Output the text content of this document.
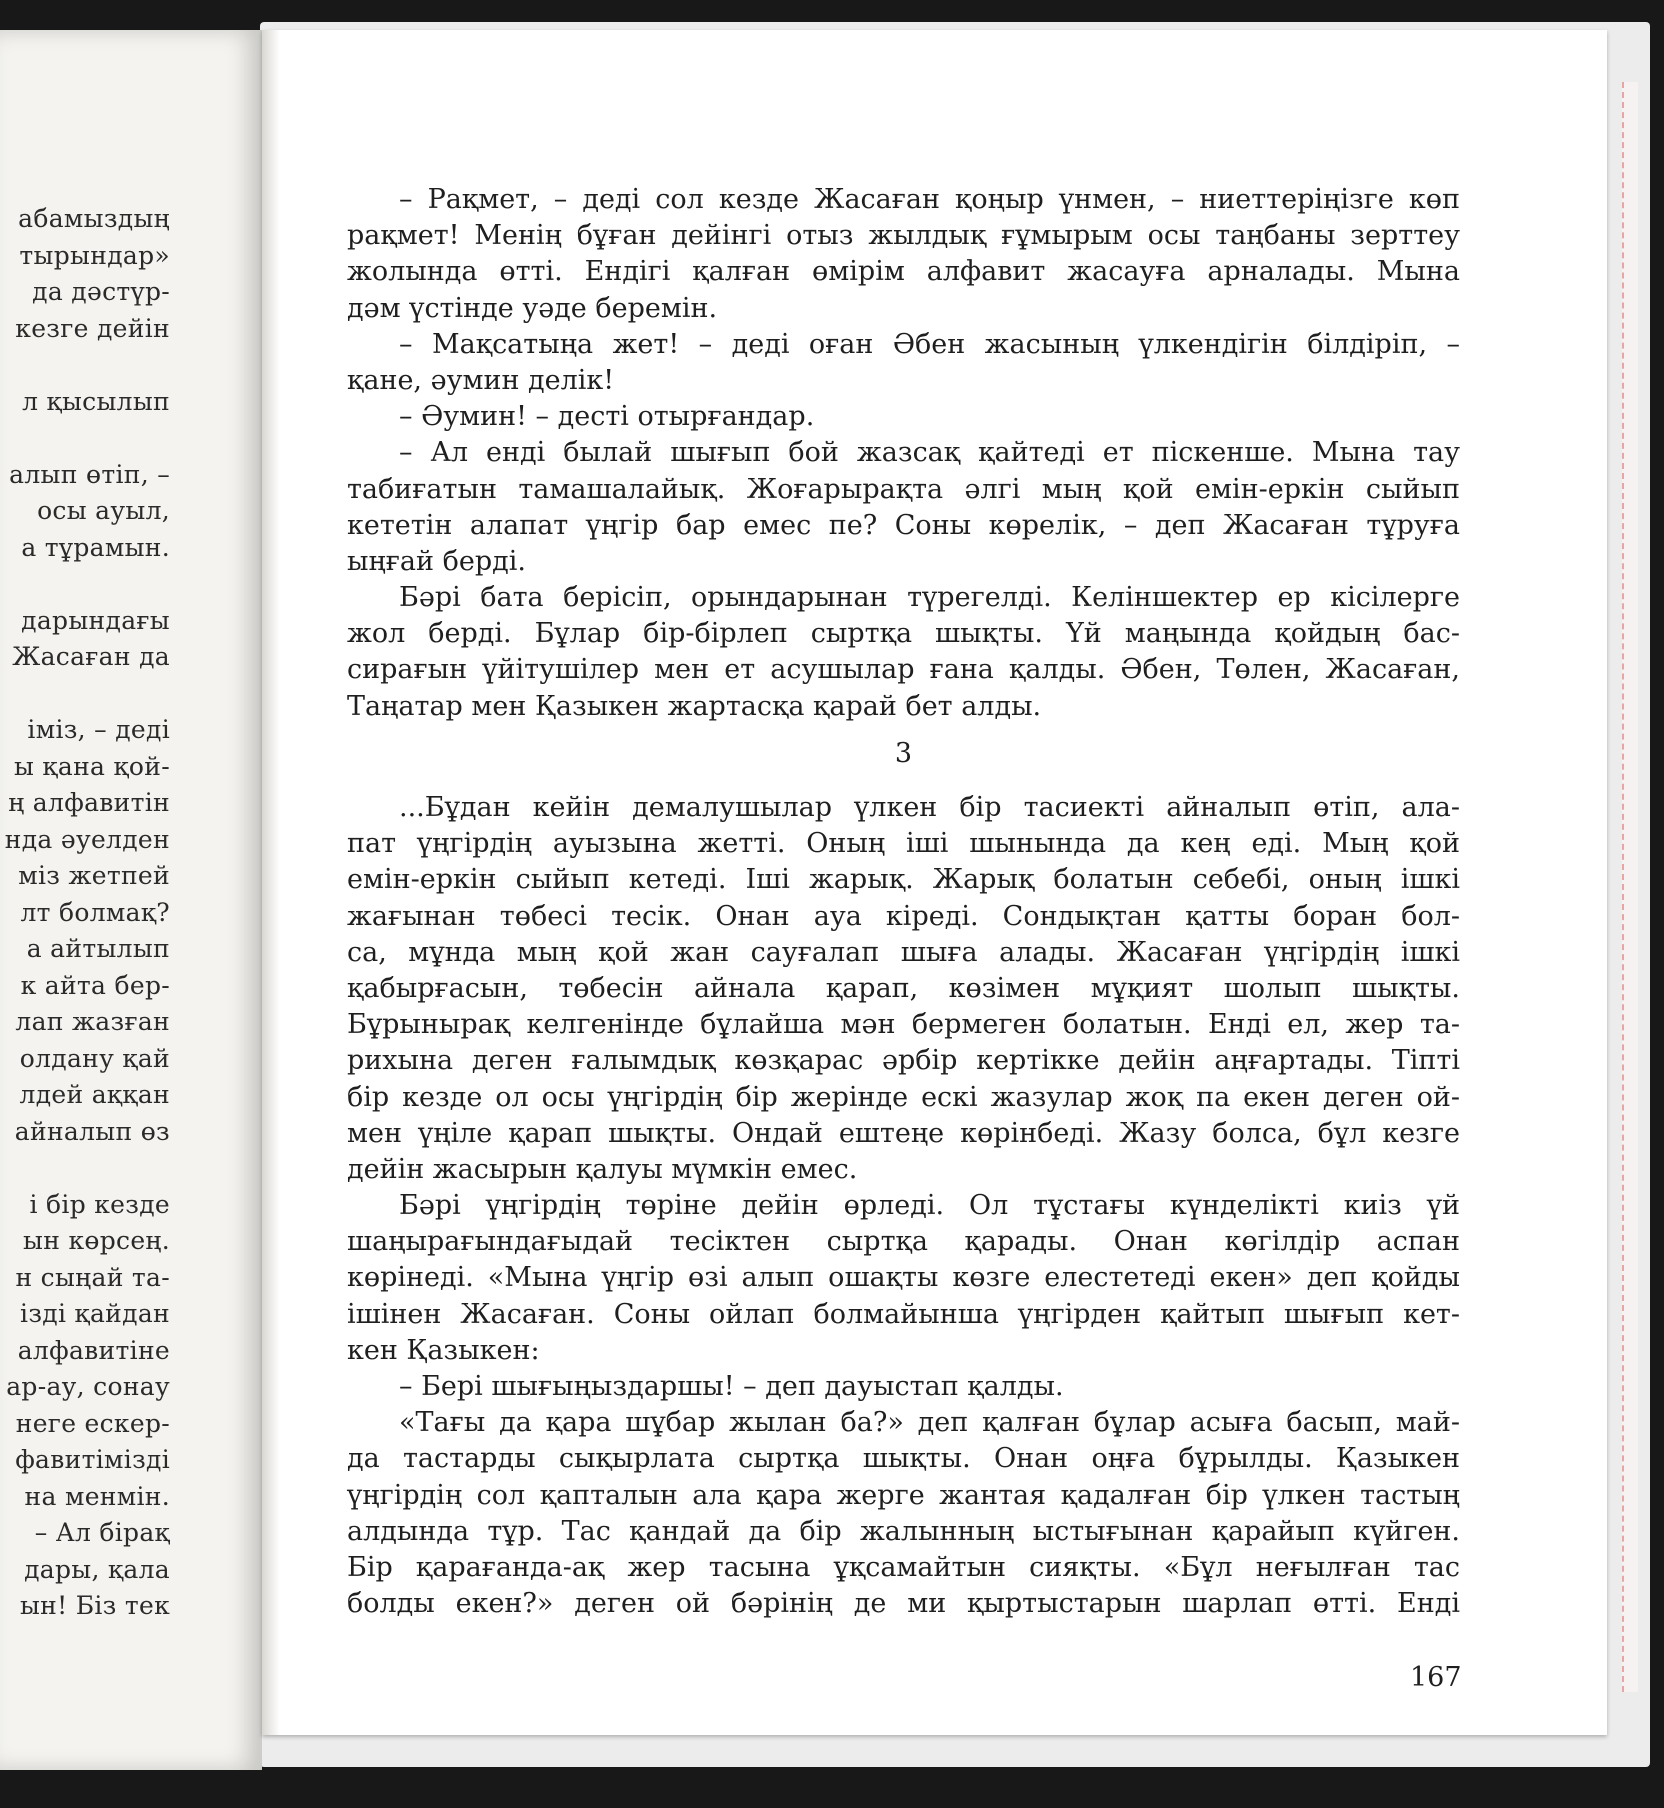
абамыздың
тырындар»
да дәстүр-
кезге дейін
л қысылып
алып өтіп, –
осы ауыл,
а тұрамын.
дарындағы
Жасаған да
іміз, – деді
ы қана қой-
ң алфавитін
нда әуелден
міз жетпей
лт болмақ?
а айтылып
к айта бер-
лап жазған
олдану қай
лдей аққан
айналып өз
і бір кезде
ын көрсең.
н сыңай та-
ізді қайдан
алфавитіне
ар-ау, сонау
неге ескер-
фавитімізді
на менмін.
– Ал бірақ
дары, қала
ын! Біз тек
– Рақмет, – деді сол кезде Жасаған қоңыр үнмен, – ниеттеріңізге көп
рақмет! Менің бұған дейінгі отыз жылдық ғұмырым осы таңбаны зерттеу
жолында өтті. Ендігі қалған өмірім алфавит жасауға арналады. Мына
дәм үстінде уәде беремін.
– Мақсатыңа жет! – деді оған Әбен жасының үлкендігін білдіріп, –
қане, әумин делік!
– Әумин! – десті отырғандар.
– Ал енді былай шығып бой жазсақ қайтеді ет піскенше. Мына тау
табиғатын тамашалайық. Жоғарырақта әлгі мың қой емін-еркін сыйып
кететін алапат үңгір бар емес пе? Соны көрелік, – деп Жасаған тұруға
ыңғай берді.
Бәрі бата берісіп, орындарынан түрегелді. Келіншектер ер кісілерге
жол берді. Бұлар бір-бірлеп сыртқа шықты. Үй маңында қойдың бас-
сирағын үйітушілер мен ет асушылар ғана қалды. Әбен, Төлен, Жасаған,
Таңатар мен Қазыкен жартасқа қарай бет алды.
3
...Бұдан кейін демалушылар үлкен бір тасиекті айналып өтіп, ала-
пат үңгірдің ауызына жетті. Оның іші шынында да кең еді. Мың қой
емін-еркін сыйып кетеді. Іші жарық. Жарық болатын себебі, оның ішкі
жағынан төбесі тесік. Онан ауа кіреді. Сондықтан қатты боран бол-
са, мұнда мың қой жан сауғалап шыға алады. Жасаған үңгірдің ішкі
қабырғасын, төбесін айнала қарап, көзімен мұқият шолып шықты.
Бұрынырақ келгенінде бұлайша мән бермеген болатын. Енді ел, жер та-
рихына деген ғалымдық көзқарас әрбір кертікке дейін аңғартады. Тіпті
бір кезде ол осы үңгірдің бір жерінде ескі жазулар жоқ па екен деген ой-
мен үңіле қарап шықты. Ондай ештеңе көрінбеді. Жазу болса, бұл кезге
дейін жасырын қалуы мүмкін емес.
Бәрі үңгірдің төріне дейін өрледі. Ол тұстағы күнделікті киіз үй
шаңырағындағыдай тесіктен сыртқа қарады. Онан көгілдір аспан
көрінеді. «Мына үңгір өзі алып ошақты көзге елестетеді екен» деп қойды
ішінен Жасаған. Соны ойлап болмайынша үңгірден қайтып шығып кет-
кен Қазыкен:
– Бері шығыңыздаршы! – деп дауыстап қалды.
«Тағы да қара шұбар жылан ба?» деп қалған бұлар асыға басып, май-
да тастарды сықырлата сыртқа шықты. Онан оңға бұрылды. Қазыкен
үңгірдің сол қапталын ала қара жерге жантая қадалған бір үлкен тастың
алдында тұр. Тас қандай да бір жалынның ыстығынан қарайып күйген.
Бір қарағанда-ақ жер тасына ұқсамайтын сияқты. «Бұл неғылған тас
болды екен?» деген ой бәрінің де ми қыртыстарын шарлап өтті. Енді
167
